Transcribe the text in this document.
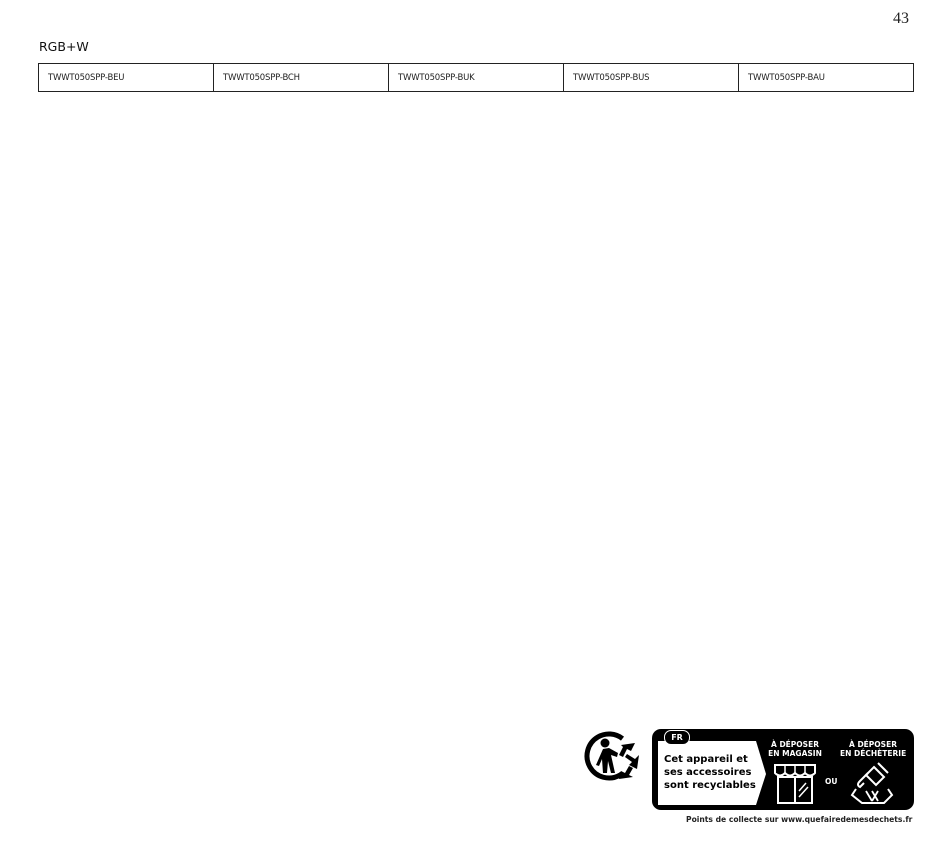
43
RGB+W
TWWT050SPP-BEU	TWWT050SPP-BCH	TWWT050SPP-BUK	TWWT050SPP-BUS	TWWT050SPP-BAU
FR
Cet appareil et
ses accessoires
sont recyclables
À DÉPOSER
EN MAGASIN
À DÉPOSER
EN DÉCHÈTERIE
OU
Points de collecte sur www.quefairedemesdechets.fr
